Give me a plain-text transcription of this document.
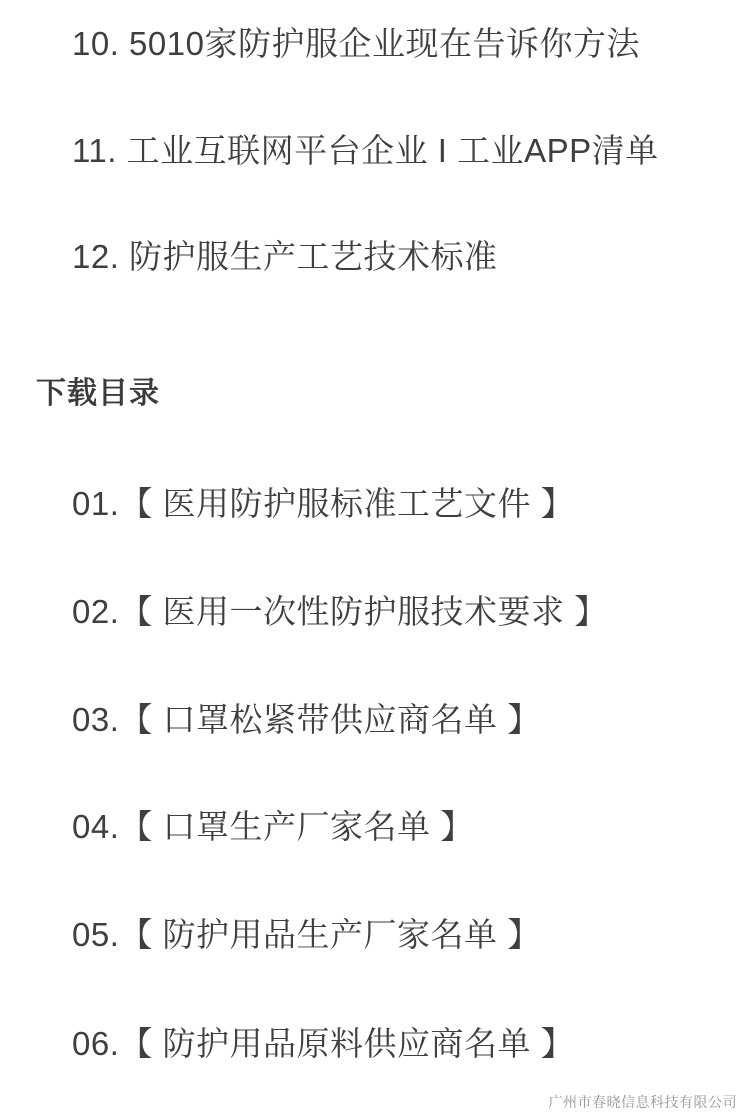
10. 5010家防护服企业现在告诉你方法
11. 工业互联网平台企业 I 工业APP清单
12. 防护服生产工艺技术标准
下载目录
01.【 医用防护服标准工艺文件 】
02.【 医用一次性防护服技术要求 】
03.【 口罩松紧带供应商名单 】
04.【 口罩生产厂家名单 】
05.【 防护用品生产厂家名单 】
06.【 防护用品原料供应商名单 】
广州市春晓信息科技有限公司
